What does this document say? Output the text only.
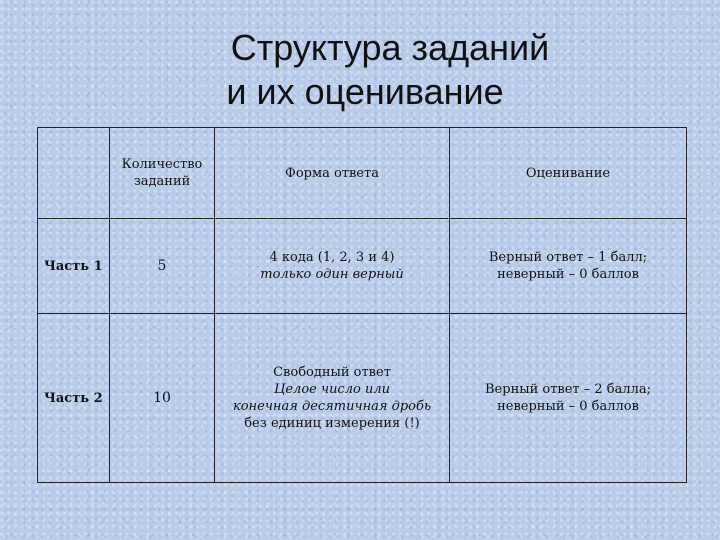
Структура заданий
и их оценивание

	Количество
заданий	Форма ответа	Оценивание
Часть 1	5	4 кода (1, 2, 3 и 4)
только один верный	Верный ответ – 1 балл;
неверный – 0 баллов

Часть 2	10	Свободный ответ
Целое число или
конечная десятичная дробь
без единиц измерения (!)	Верный ответ – 2 балла;
неверный – 0 баллов
